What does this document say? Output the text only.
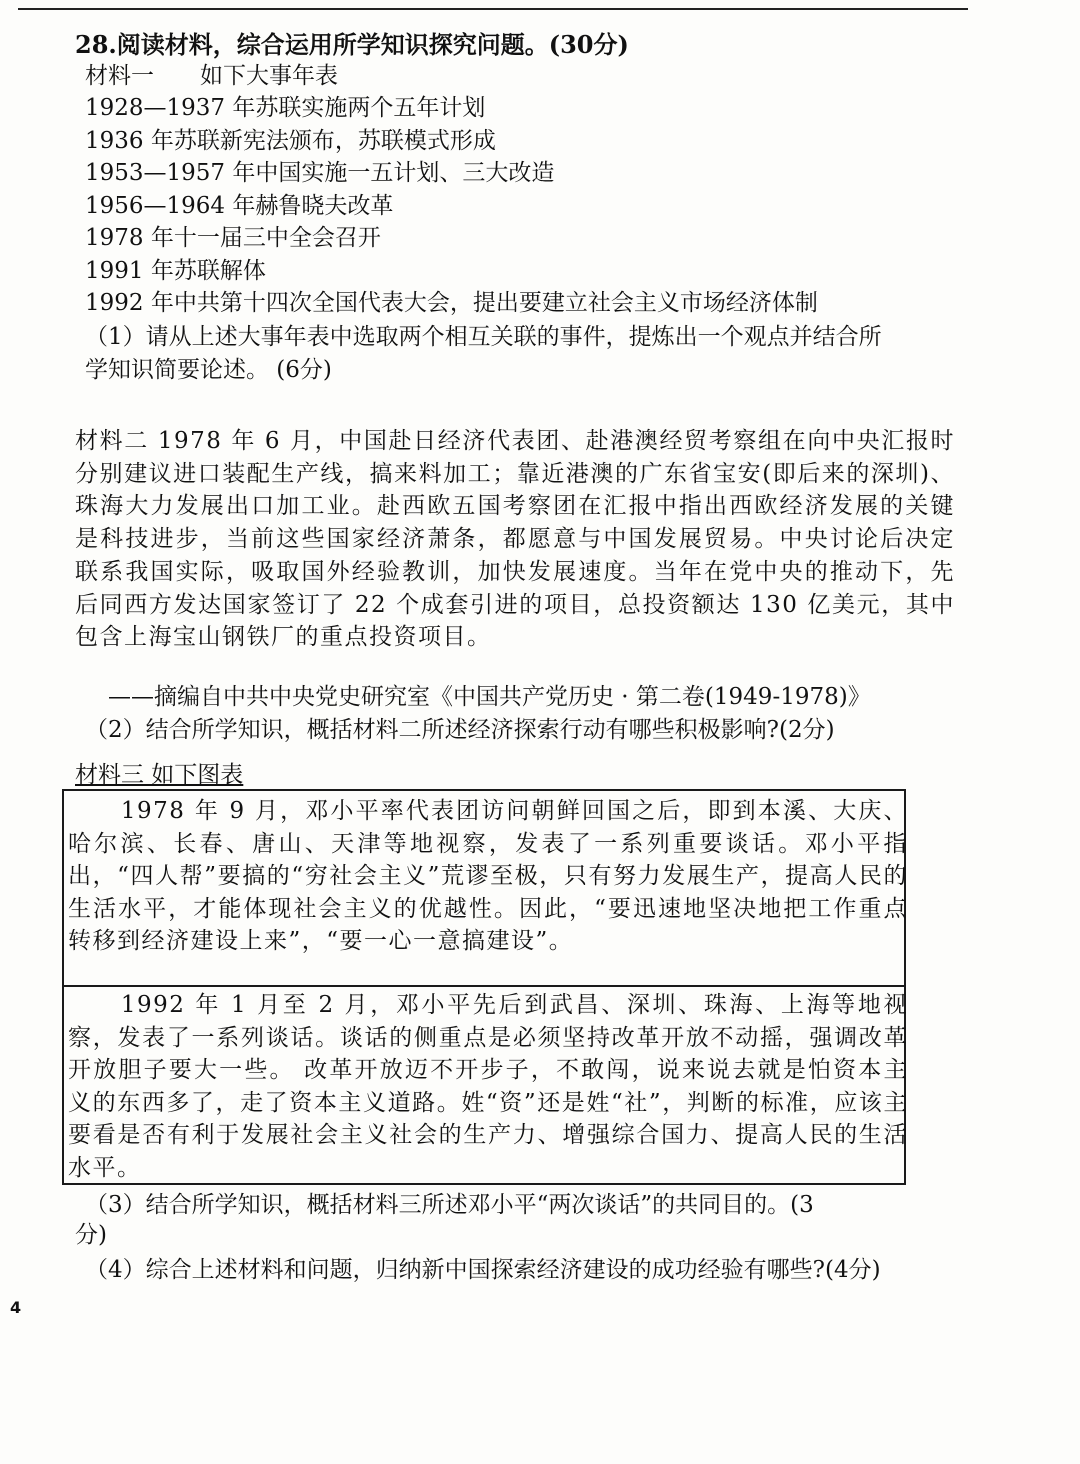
28.阅读材料，综合运用所学知识探究问题。(30分)
材料一　　如下大事年表
1928—1937 年苏联实施两个五年计划
1936 年苏联新宪法颁布，苏联模式形成
1953—1957 年中国实施一五计划、三大改造
1956—1964 年赫鲁晓夫改革
1978 年十一届三中全会召开
1991 年苏联解体
1992 年中共第十四次全国代表大会，提出要建立社会主义市场经济体制
（1）请从上述大事年表中选取两个相互关联的事件，提炼出一个观点并结合所
学知识简要论述。 (6分)
材料二 1978 年 6 月，中国赴日经济代表团、赴港澳经贸考察组在向中央汇报时分别建议进口装配生产线，搞来料加工；靠近港澳的广东省宝安(即后来的深圳)、珠海大力发展出口加工业。赴西欧五国考察团在汇报中指出西欧经济发展的关键是科技进步，当前这些国家经济萧条，都愿意与中国发展贸易。中央讨论后决定联系我国实际，吸取国外经验教训，加快发展速度。当年在党中央的推动下，先后同西方发达国家签订了 22 个成套引进的项目，总投资额达 130 亿美元，其中包含上海宝山钢铁厂的重点投资项目。
——摘编自中共中央党史研究室《中国共产党历史 · 第二卷(1949-1978)》
（2）结合所学知识，概括材料二所述经济探索行动有哪些积极影响?(2分)
材料三 如下图表
1978 年 9 月，邓小平率代表团访问朝鲜回国之后，即到本溪、大庆、哈尔滨、长春、唐山、天津等地视察，发表了一系列重要谈话。邓小平指出，“四人帮”要搞的“穷社会主义”荒谬至极，只有努力发展生产，提高人民的生活水平，才能体现社会主义的优越性。因此，“要迅速地坚决地把工作重点转移到经济建设上来”，“要一心一意搞建设”。
1992 年 1 月至 2 月，邓小平先后到武昌、深圳、珠海、上海等地视察，发表了一系列谈话。谈话的侧重点是必须坚持改革开放不动摇，强调改革开放胆子要大一些。 改革开放迈不开步子，不敢闯，说来说去就是怕资本主义的东西多了，走了资本主义道路。姓“资”还是姓“社”，判断的标准，应该主要看是否有利于发展社会主义社会的生产力、增强综合国力、提高人民的生活水平。
（3）结合所学知识，概括材料三所述邓小平“两次谈话”的共同目的。(3
分)
（4）综合上述材料和问题，归纳新中国探索经济建设的成功经验有哪些?(4分)
4
